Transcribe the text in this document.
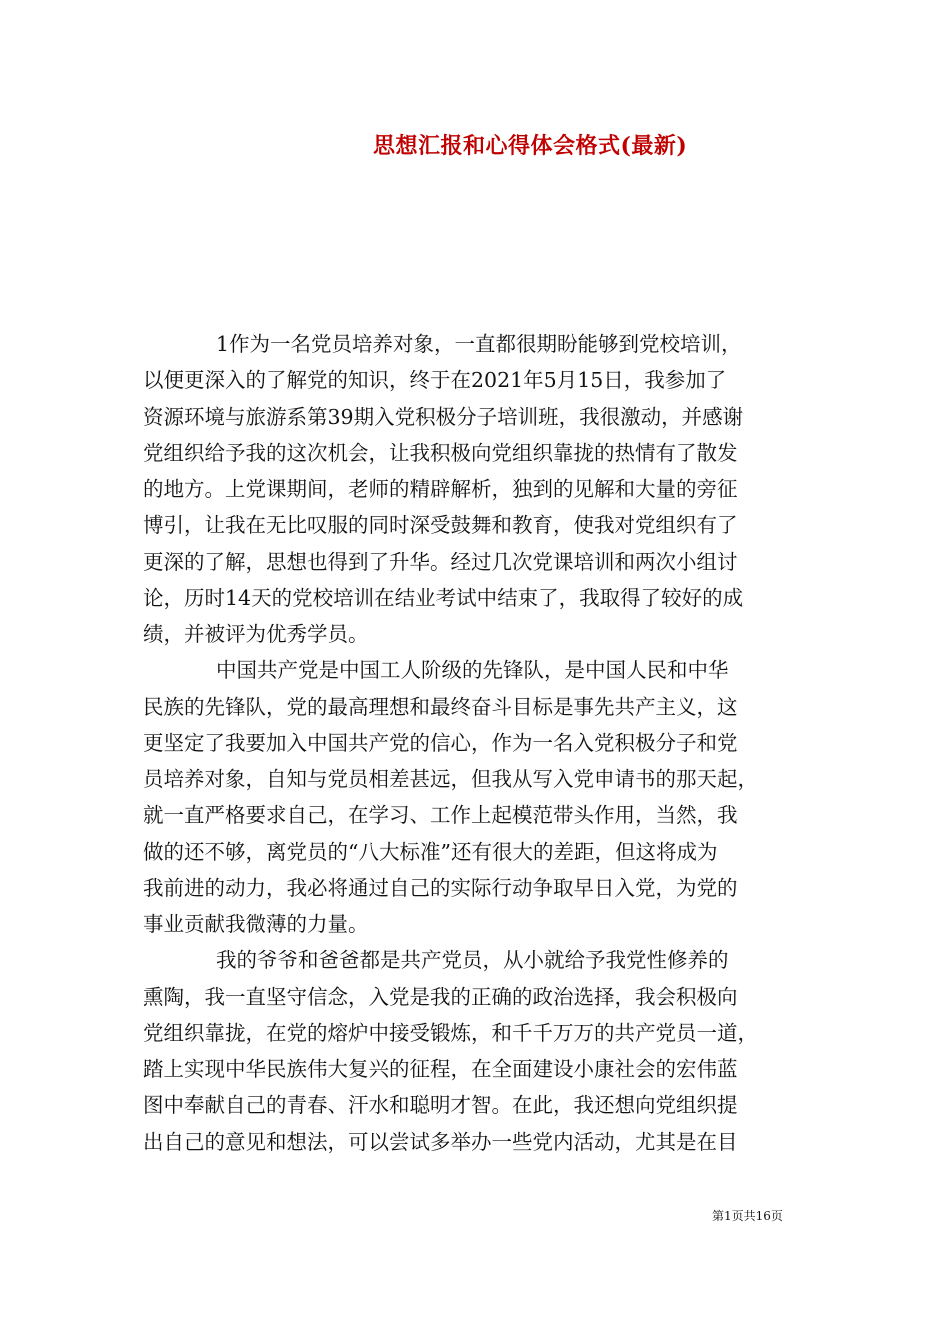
思想汇报和心得体会格式(最新)

1作为一名党员培养对象，一直都很期盼能够到党校培训，

以便更深入的了解党的知识，终于在2021年5月15日，我参加了

资源环境与旅游系第39期入党积极分子培训班，我很激动，并感谢

党组织给予我的这次机会，让我积极向党组织靠拢的热情有了散发

的地方。上党课期间，老师的精辟解析，独到的见解和大量的旁征

博引，让我在无比叹服的同时深受鼓舞和教育，使我对党组织有了

更深的了解，思想也得到了升华。经过几次党课培训和两次小组讨

论，历时14天的党校培训在结业考试中结束了，我取得了较好的成

绩，并被评为优秀学员。

中国共产党是中国工人阶级的先锋队，是中国人民和中华

民族的先锋队，党的最高理想和最终奋斗目标是事先共产主义，这

更坚定了我要加入中国共产党的信心，作为一名入党积极分子和党

员培养对象，自知与党员相差甚远，但我从写入党申请书的那天起，

就一直严格要求自己，在学习、工作上起模范带头作用，当然，我

做的还不够，离党员的“八大标准”还有很大的差距，但这将成为

我前进的动力，我必将通过自己的实际行动争取早日入党，为党的

事业贡献我微薄的力量。

我的爷爷和爸爸都是共产党员，从小就给予我党性修养的

熏陶，我一直坚守信念，入党是我的正确的政治选择，我会积极向

党组织靠拢，在党的熔炉中接受锻炼，和千千万万的共产党员一道，

踏上实现中华民族伟大复兴的征程，在全面建设小康社会的宏伟蓝

图中奉献自己的青春、汗水和聪明才智。在此，我还想向党组织提

出自己的意见和想法，可以尝试多举办一些党内活动，尤其是在目

第1页共16页
